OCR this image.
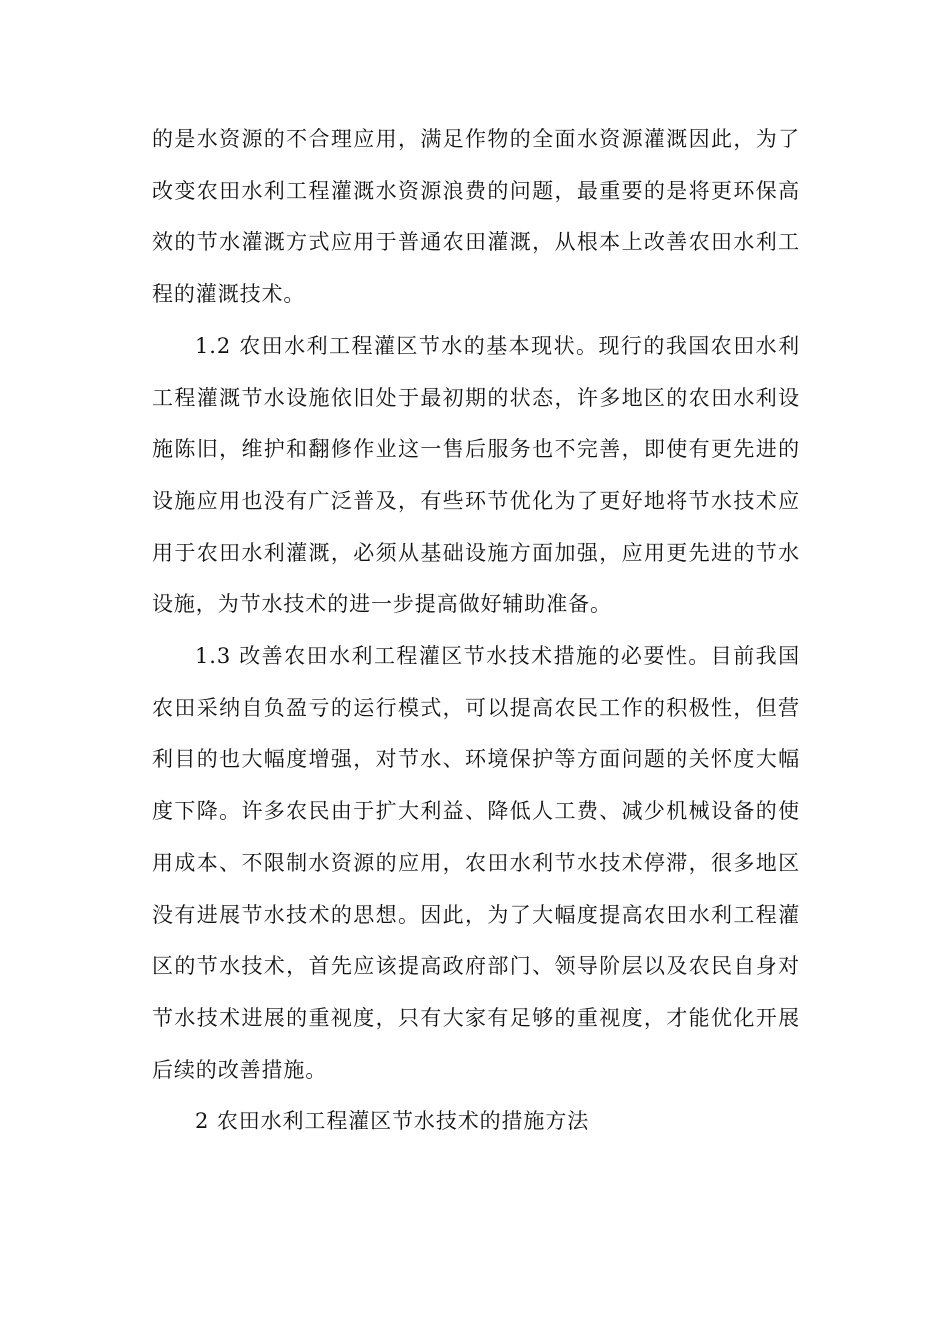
的是水资源的不合理应用，满足作物的全面水资源灌溉因此，为了改变农田水利工程灌溉水资源浪费的问题，最重要的是将更环保高效的节水灌溉方式应用于普通农田灌溉，从根本上改善农田水利工程的灌溉技术。

1.2 农田水利工程灌区节水的基本现状。现行的我国农田水利工程灌溉节水设施依旧处于最初期的状态，许多地区的农田水利设施陈旧，维护和翻修作业这一售后服务也不完善，即使有更先进的设施应用也没有广泛普及，有些环节优化为了更好地将节水技术应用于农田水利灌溉，必须从基础设施方面加强，应用更先进的节水设施，为节水技术的进一步提高做好辅助准备。

1.3 改善农田水利工程灌区节水技术措施的必要性。目前我国农田采纳自负盈亏的运行模式，可以提高农民工作的积极性，但营利目的也大幅度增强，对节水、环境保护等方面问题的关怀度大幅度下降。许多农民由于扩大利益、降低人工费、减少机械设备的使用成本、不限制水资源的应用，农田水利节水技术停滞，很多地区没有进展节水技术的思想。因此，为了大幅度提高农田水利工程灌区的节水技术，首先应该提高政府部门、领导阶层以及农民自身对节水技术进展的重视度，只有大家有足够的重视度，才能优化开展后续的改善措施。

2 农田水利工程灌区节水技术的措施方法
